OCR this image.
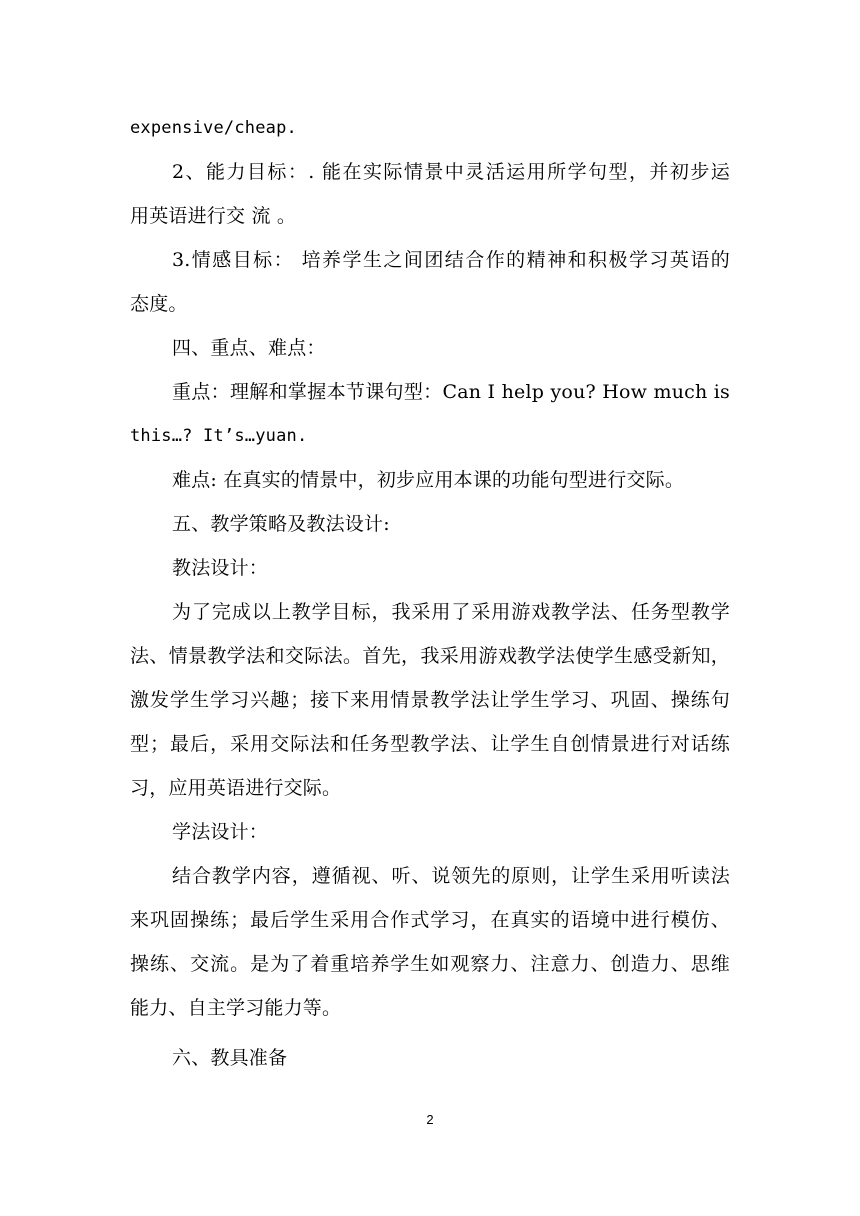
expensive/cheap.
2、能力目标：. 能在实际情景中灵活运用所学句型，并初步运
用英语进行交 流 。
3.情感目标： 培养学生之间团结合作的精神和积极学习英语的
态度。
四、重点、难点：
重点：理解和掌握本节课句型：Can I help you? How much is
this…? It’s…yuan.
难点: 在真实的情景中，初步应用本课的功能句型进行交际。
五、教学策略及教法设计:
教法设计：
为了完成以上教学目标，我采用了采用游戏教学法、任务型教学
法、情景教学法和交际法。首先，我采用游戏教学法使学生感受新知，
激发学生学习兴趣；接下来用情景教学法让学生学习、巩固、操练句
型；最后，采用交际法和任务型教学法、让学生自创情景进行对话练
习，应用英语进行交际。
学法设计：
结合教学内容，遵循视、听、说领先的原则，让学生采用听读法
来巩固操练；最后学生采用合作式学习，在真实的语境中进行模仿、
操练、交流。是为了着重培养学生如观察力、注意力、创造力、思维
能力、自主学习能力等。
六、教具准备
2
